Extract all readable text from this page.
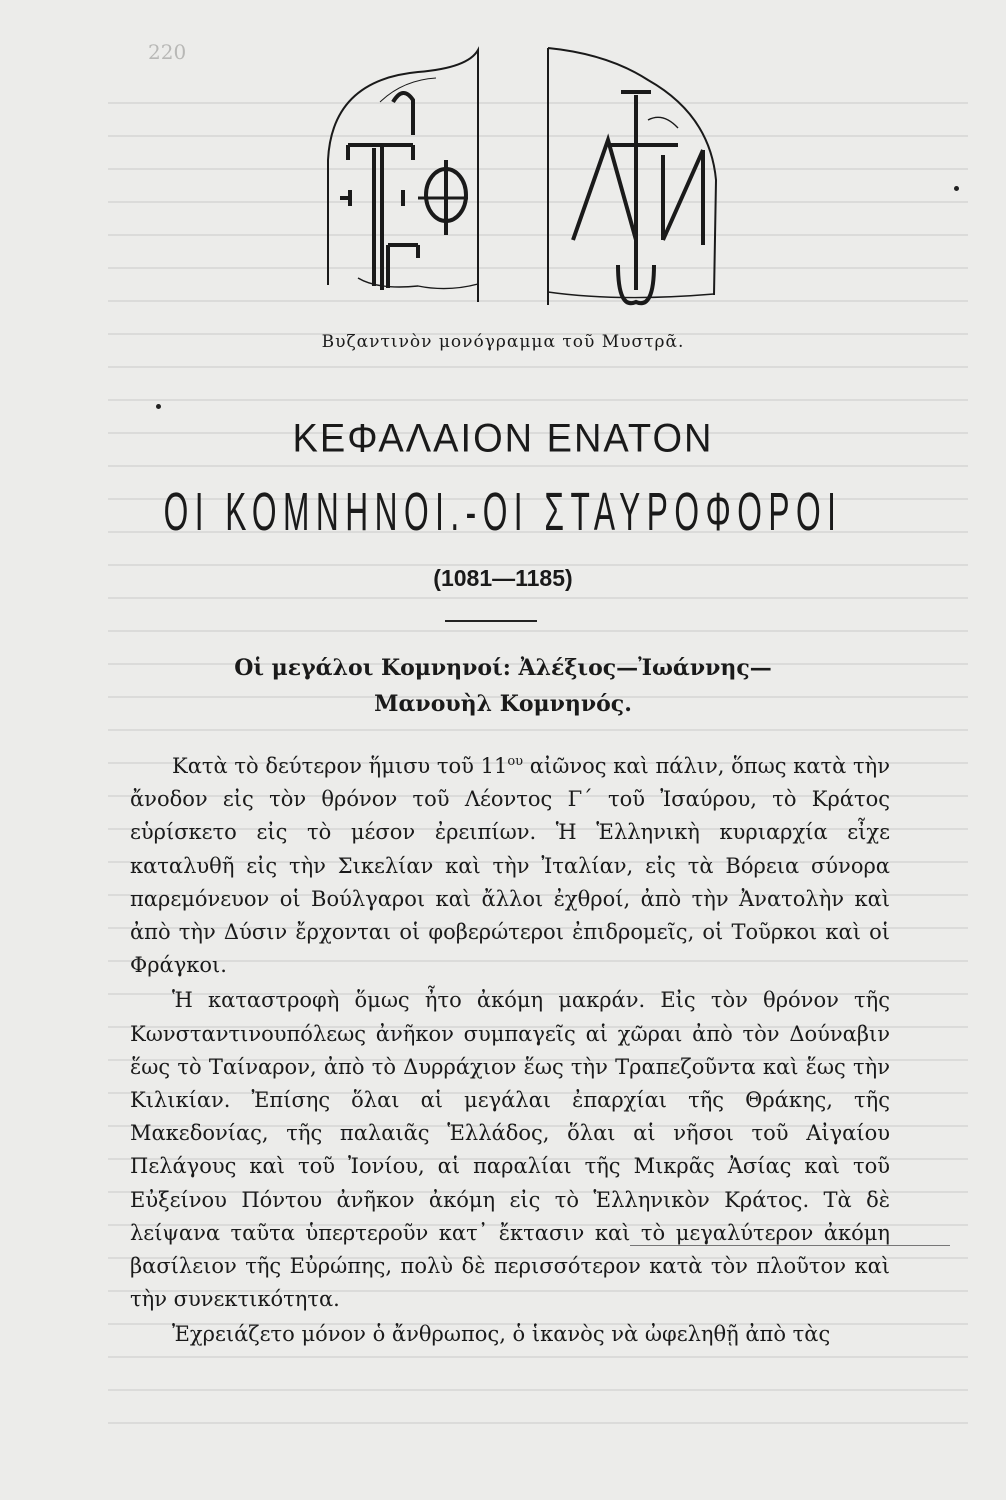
220
Βυζαντινὸν μονόγραμμα τοῦ Μυστρᾶ.
ΚΕΦΑΛΑΙΟΝ ΕΝΑΤΟΝ
ΟΙ ΚΟΜΝΗΝΟΙ.-ΟΙ ΣΤΑΥΡΟΦΟΡΟΙ
(1081—1185)
Οἱ μεγάλοι Κομνηνοί: Ἀλέξιος—Ἰωάννης—
Μανουὴλ Κομνηνός.

Κατὰ τὸ δεύτερον ἥμισυ τοῦ $11^{o\upsilon}$ αἰῶνος καὶ πάλιν, ὅπως κατὰ τὴν ἄνοδον εἰς τὸν θρόνον τοῦ Λέοντος Γ´ τοῦ Ἰσαύρου, τὸ Κράτος εὑρίσκετο εἰς τὸ μέσον ἐρειπίων. Ἡ Ἑλληνικὴ κυριαρχία εἶχε καταλυθῆ εἰς τὴν Σικελίαν καὶ τὴν Ἰταλίαν, εἰς τὰ Βόρεια σύνορα παρεμόνευον οἱ Βούλγαροι καὶ ἄλλοι ἐχθροί, ἀπὸ τὴν Ἀνατολὴν καὶ ἀπὸ τὴν Δύσιν ἔρχονται οἱ φοβερώτεροι ἐπιδρομεῖς, οἱ Τοῦρκοι καὶ οἱ Φράγκοι.

Ἡ καταστροφὴ ὅμως ἦτο ἀκόμη μακράν. Εἰς τὸν θρόνον τῆς Κωνσταντινουπόλεως ἀνῆκον συμπαγεῖς αἱ χῶραι ἀπὸ τὸν Δούναβιν ἕως τὸ Ταίναρον, ἀπὸ τὸ Δυρράχιον ἕως τὴν Τραπεζοῦντα καὶ ἕως τὴν Κιλικίαν. Ἐπίσης ὅλαι αἱ μεγάλαι ἐπαρχίαι τῆς Θράκης, τῆς Μακεδονίας, τῆς παλαιᾶς Ἑλλάδος, ὅλαι αἱ νῆσοι τοῦ Αἰγαίου Πελάγους καὶ τοῦ Ἰονίου, αἱ παραλίαι τῆς Μικρᾶς Ἀσίας καὶ τοῦ Εὐξείνου Πόντου ἀνῆκον ἀκόμη εἰς τὸ Ἑλληνικὸν Κράτος. Τὰ δὲ λείψανα ταῦτα ὑπερτεροῦν κατ᾽ ἔκτασιν καὶ τὸ μεγαλύτερον ἀκόμη βασίλειον τῆς Εὐρώπης, πολὺ δὲ περισσότερον κατὰ τὸν πλοῦτον καὶ τὴν συνεκτικότητα.

Ἐχρειάζετο μόνον ὁ ἄνθρωπος, ὁ ἱκανὸς νὰ ὠφεληθῇ ἀπὸ τὰς
